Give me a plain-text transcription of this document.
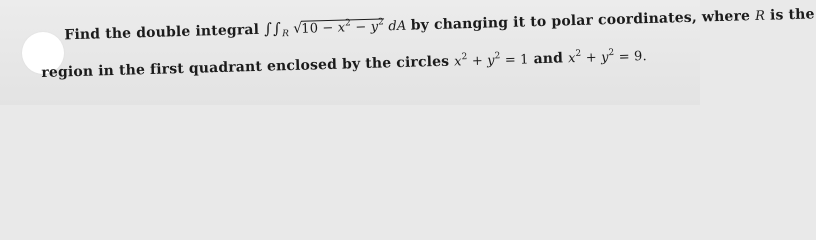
Find the double integral $\int\int_R$ $√10 - x^2 - y^2$ dA by changing it to polar coordinates, where R is the
region in the first quadrant enclosed by the circles $x^2 + y^2 = 1$ and $x^2 + y^2 = 9$.
